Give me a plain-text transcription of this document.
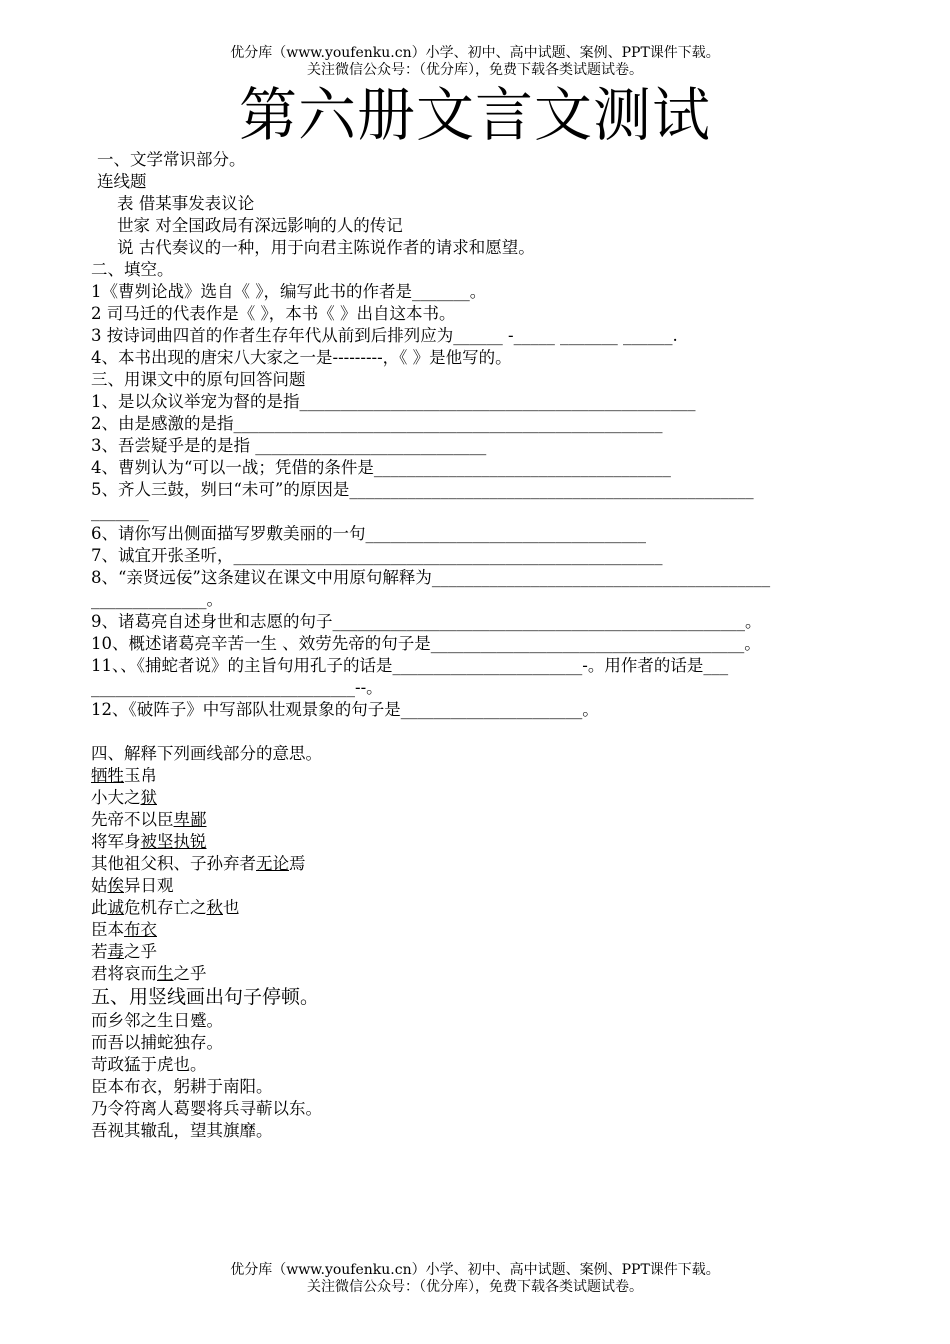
优分库（www.youfenku.cn）小学、初中、高中试题、案例、PPT课件下载。
关注微信公众号：（优分库），免费下载各类试题试卷。
第六册文言文测试
一、文学常识部分。
连线题
表 借某事发表议论
世家 对全国政局有深远影响的人的传记
说 古代奏议的一种，用于向君主陈说作者的请求和愿望。
二、填空。
1《曹刿论战》选自《 》，编写此书的作者是_______。
2 司马迁的代表作是《 》，本书《 》出自这本书。
3 按诗词曲四首的作者生存年代从前到后排列应为______ -_____ _______ ______.
4、本书出现的唐宋八大家之一是---------，《 》是他写的。
三、用课文中的原句回答问题
1、是以众议举宠为督的是指________________________________________________
2、由是感激的是指____________________________________________________
3、吾尝疑乎是的是指 ____________________________
4、曹刿认为“可以一战；凭借的条件是____________________________________
5、齐人三鼓，刿曰“未可”的原因是_________________________________________________
_______
6、请你写出侧面描写罗敷美丽的一句__________________________________
7、诚宜开张圣听，____________________________________________________
8、“亲贤远佞”这条建议在课文中用原句解释为_________________________________________
______________。
9、诸葛亮自述身世和志愿的句子__________________________________________________。
10、概述诸葛亮辛苦一生 、效劳先帝的句子是______________________________________。
11、、《捕蛇者说》的主旨句用孔子的话是_______________________-。用作者的话是___
________________________________--。
12、《破阵子》中写部队壮观景象的句子是______________________。
四、解释下列画线部分的意思。
牺牲玉帛
小大之狱
先帝不以臣卑鄙
将军身被坚执锐
其他祖父积、子孙弃者无论焉
姑俟异日观
此诚危机存亡之秋也
臣本布衣
若毒之乎
君将哀而生之乎
五、用竖线画出句子停顿。
而乡邻之生日蹙。
而吾以捕蛇独存。
苛政猛于虎也。
臣本布衣，躬耕于南阳。
乃令符离人葛婴将兵寻蕲以东。
吾视其辙乱，望其旗靡。
优分库（www.youfenku.cn）小学、初中、高中试题、案例、PPT课件下载。
关注微信公众号：（优分库），免费下载各类试题试卷。
